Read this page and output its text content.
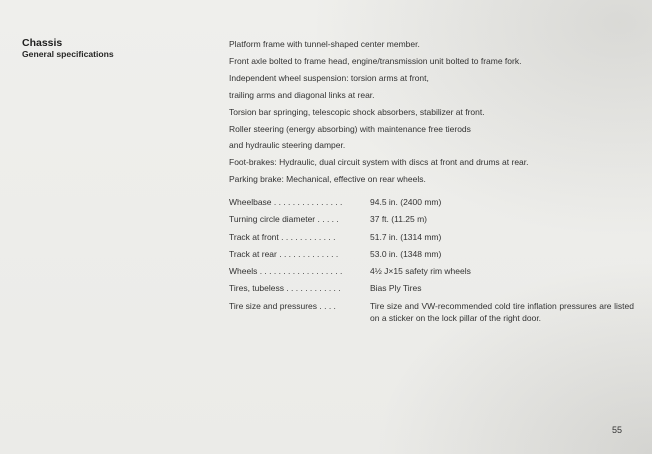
Chassis
General specifications
Platform frame with tunnel-shaped center member.
Front axle bolted to frame head, engine/transmission unit bolted to frame fork.
Independent wheel suspension: torsion arms at front,
trailing arms and diagonal links at rear.
Torsion bar springing, telescopic shock absorbers, stabilizer at front.
Roller steering (energy absorbing) with maintenance free tierods
and hydraulic steering damper.
Foot-brakes: Hydraulic, dual circuit system with discs at front and drums at rear.
Parking brake: Mechanical, effective on rear wheels.
Wheelbase . . . . . . . . . . . . . . .	94.5 in. (2400 mm)
Turning circle diameter . . . . .	37 ft. (11.25 m)
Track at front . . . . . . . . . . . .	51.7 in. (1314 mm)
Track at rear . . . . . . . . . . . . .	53.0 in. (1348 mm)
Wheels . . . . . . . . . . . . . . . . . .	4½ J×15 safety rim wheels
Tires, tubeless . . . . . . . . . . . .	Bias Ply Tires
Tire size and pressures . . . .	Tire size and VW-recommended cold tire inflation pressures are listed on a sticker on the lock pillar of the right door.
55
